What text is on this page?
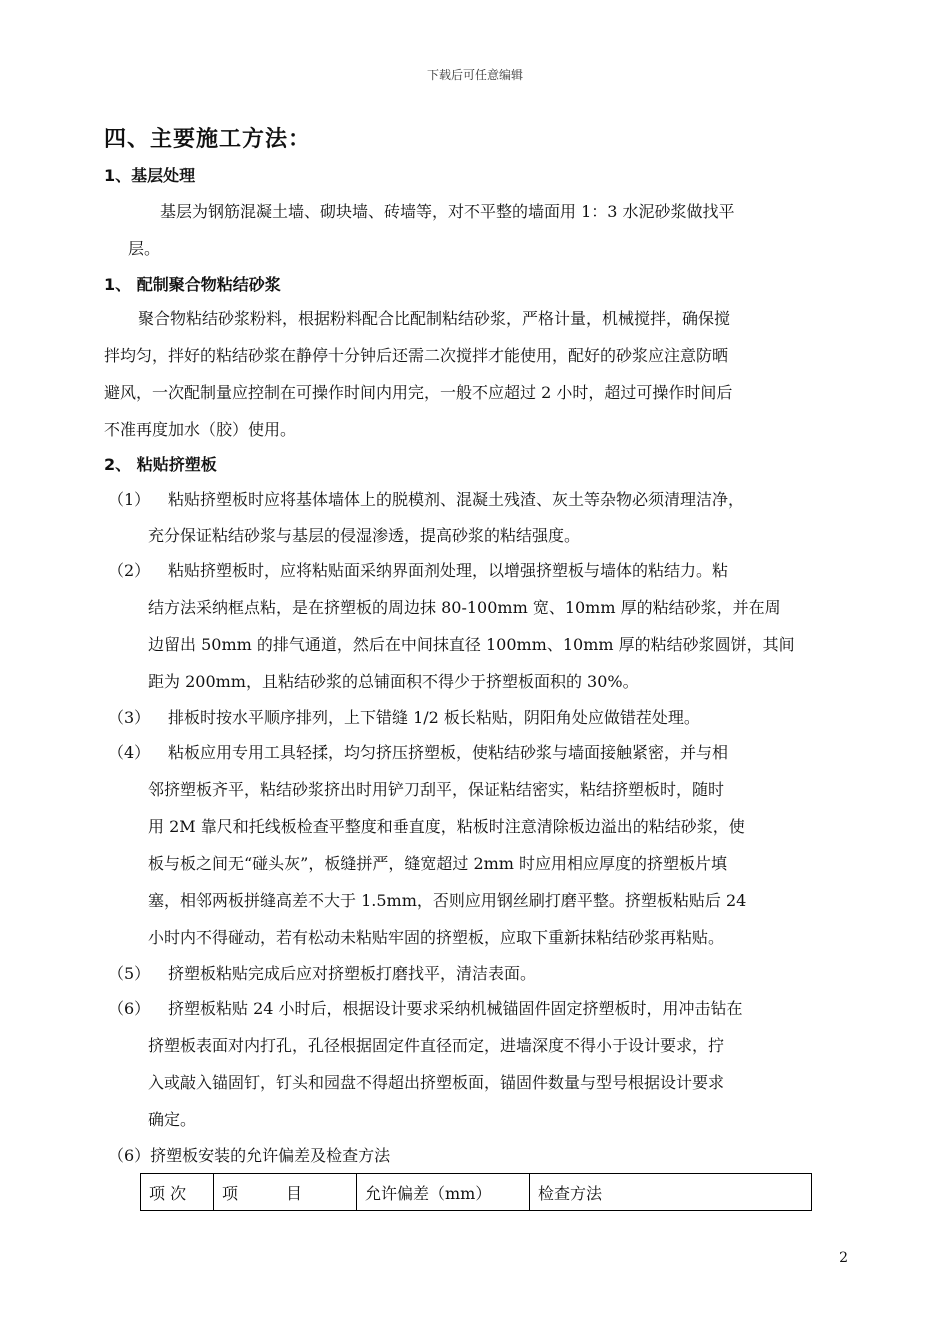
下载后可任意编辑
四、主要施工方法：
1、基层处理
基层为钢筋混凝土墙、砌块墙、砖墙等，对不平整的墙面用 1：3 水泥砂浆做找平
层。
1、 配制聚合物粘结砂浆
聚合物粘结砂浆粉料，根据粉料配合比配制粘结砂浆，严格计量，机械搅拌，确保搅
拌均匀，拌好的粘结砂浆在静停十分钟后还需二次搅拌才能使用，配好的砂浆应注意防晒
避风，一次配制量应控制在可操作时间内用完，一般不应超过 2 小时，超过可操作时间后
不准再度加水（胶）使用。
2、 粘贴挤塑板
（1） 粘贴挤塑板时应将基体墙体上的脱模剂、混凝土残渣、灰土等杂物必须清理洁净，
充分保证粘结砂浆与基层的侵湿渗透，提高砂浆的粘结强度。
（2） 粘贴挤塑板时，应将粘贴面采纳界面剂处理，以增强挤塑板与墙体的粘结力。粘
结方法采纳框点粘，是在挤塑板的周边抹 80-100mm 宽、10mm 厚的粘结砂浆，并在周
边留出 50mm 的排气通道，然后在中间抹直径 100mm、10mm 厚的粘结砂浆圆饼，其间
距为 200mm，且粘结砂浆的总铺面积不得少于挤塑板面积的 30%。
（3） 排板时按水平顺序排列，上下错缝 1/2 板长粘贴，阴阳角处应做错茬处理。
（4） 粘板应用专用工具轻揉，均匀挤压挤塑板，使粘结砂浆与墙面接触紧密，并与相
邻挤塑板齐平，粘结砂浆挤出时用铲刀刮平，保证粘结密实，粘结挤塑板时，随时
用 2M 靠尺和托线板检查平整度和垂直度，粘板时注意清除板边溢出的粘结砂浆，使
板与板之间无“碰头灰”，板缝拼严，缝宽超过 2mm 时应用相应厚度的挤塑板片填
塞，相邻两板拼缝高差不大于 1.5mm，否则应用钢丝刷打磨平整。挤塑板粘贴后 24
小时内不得碰动，若有松动未粘贴牢固的挤塑板，应取下重新抹粘结砂浆再粘贴。
（5） 挤塑板粘贴完成后应对挤塑板打磨找平，清洁表面。
（6） 挤塑板粘贴 24 小时后，根据设计要求采纳机械锚固件固定挤塑板时，用冲击钻在
挤塑板表面对内打孔，孔径根据固定件直径而定，进墙深度不得小于设计要求，拧
入或敲入锚固钉，钉头和园盘不得超出挤塑板面，锚固件数量与型号根据设计要求
确定。
（6）挤塑板安装的允许偏差及检查方法
项 次	项　　　目	允许偏差（mm）	检查方法
2
